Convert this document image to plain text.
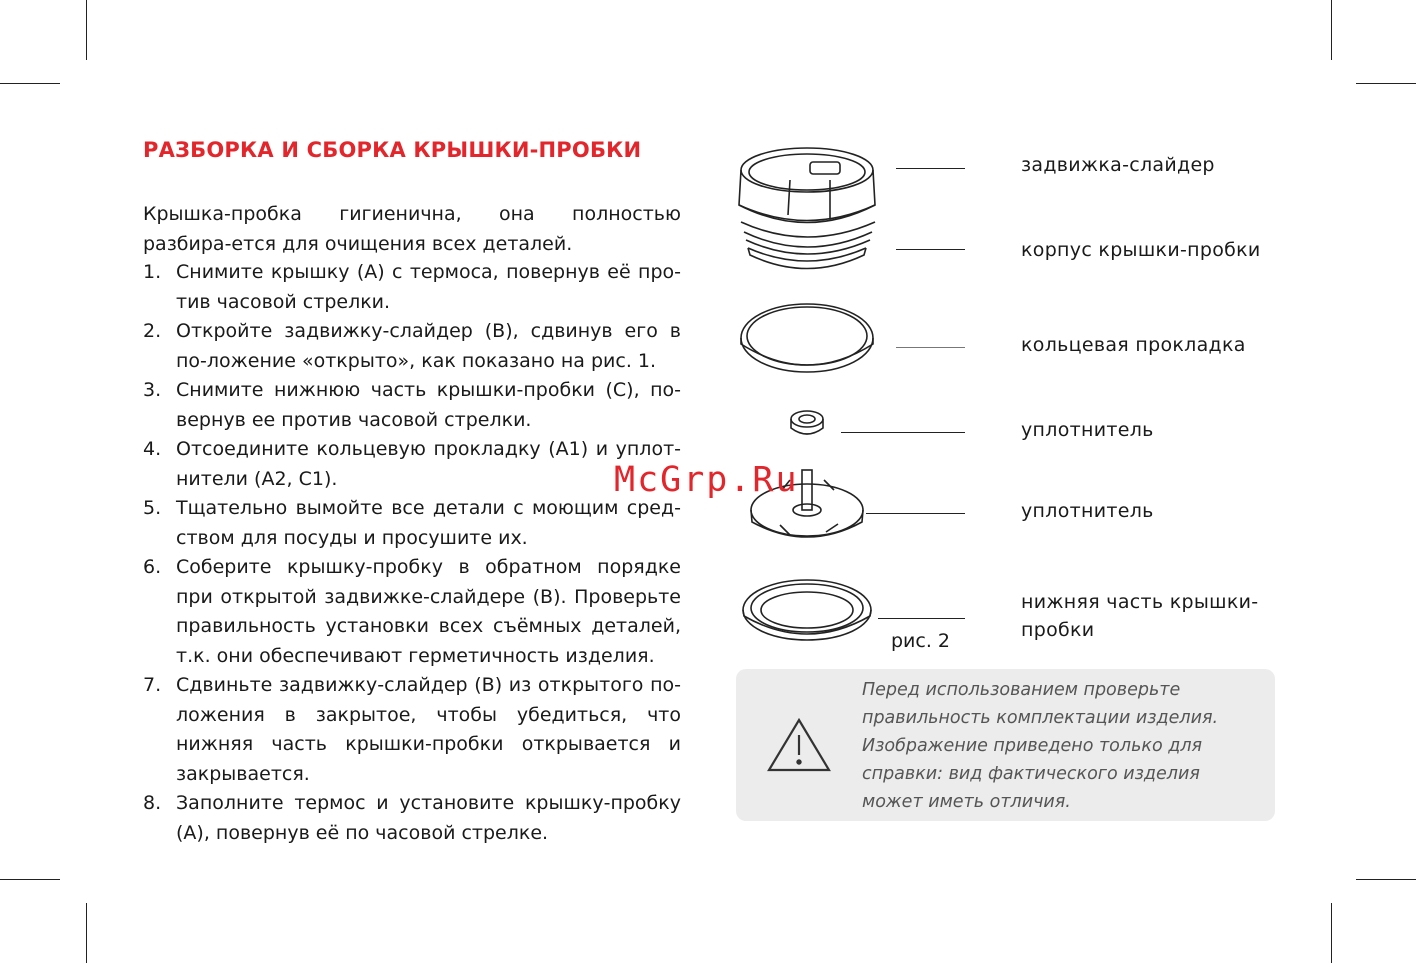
РАЗБОРКА И СБОРКА КРЫШКИ-ПРОБКИ
Крышка-пробка гигиенична, она полностью разбира-ется для очищения всех деталей.
1. Снимите крышку (А) с термоса, повернув её про-тив часовой стрелки.
2. Откройте задвижку-слайдер (В), сдвинув его в по-ложение «открыто», как показано на рис. 1.
3. Снимите нижнюю часть крышки-пробки (С), по-вернув ее против часовой стрелки.
4. Отсоедините кольцевую прокладку (А1) и уплот-нители (А2, С1).
5. Тщательно вымойте все детали с моющим сред-ством для посуды и просушите их.
6. Соберите крышку-пробку в обратном порядке при открытой задвижке-слайдере (В). Проверьте правильность установки всех съёмных деталей, т.к. они обеспечивают герметичность изделия.
7. Сдвиньте задвижку-слайдер (В) из открытого по-ложения в закрытое, чтобы убедиться, что нижняя часть крышки-пробки открывается и закрывается.
8. Заполните термос и установите крышку-пробку (А), повернув её по часовой стрелке.
задвижка-слайдер
корпус крышки-пробки
кольцевая прокладка
уплотнитель
уплотнитель
нижняя часть крышки-пробки
рис. 2
Перед использованием проверьте правильность комплектации изделия. Изображение приведено только для справки: вид фактического изделия может иметь отличия.
McGrp.Ru
